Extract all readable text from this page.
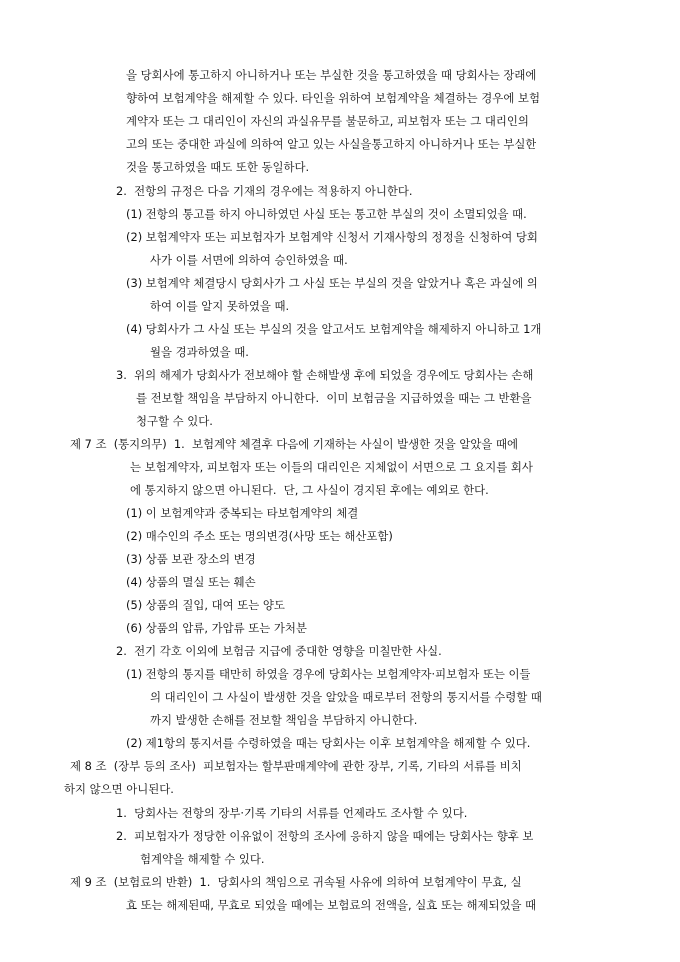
을 당회사에 통고하지 아니하거나 또는 부실한 것을 통고하였을 때 당회사는 장래에

향하여 보험계약을 해제할 수 있다. 타인을 위하여 보험계약을 체결하는 경우에 보험

계약자 또는 그 대리인이 자신의 과실유무를 불문하고, 피보험자 또는 그 대리인의

고의 또는 중대한 과실에 의하여 알고 있는 사실을통고하지 아니하거나 또는 부실한

것을 통고하였을 때도 또한 동일하다.

2.  전항의 규정은 다음 기재의 경우에는 적용하지 아니한다.

(1) 전항의 통고를 하지 아니하였던 사실 또는 통고한 부실의 것이 소멸되었을 때.

(2) 보험계약자 또는 피보험자가 보험계약 신청서 기재사항의 정정을 신청하여 당회

사가 이를 서면에 의하여 승인하였을 때.

(3) 보험계약 체결당시 당회사가 그 사실 또는 부실의 것을 알았거나 혹은 과실에 의

하여 이를 알지 못하였을 때.

(4) 당회사가 그 사실 또는 부실의 것을 알고서도 보험계약을 해제하지 아니하고 1개

월을 경과하였을 때.

3.  위의 해제가 당회사가 전보해야 할 손해발생 후에 되었을 경우에도 당회사는 손해

를 전보할 책임을 부담하지 아니한다.  이미 보험금을 지급하였을 때는 그 반환을

청구할 수 있다.

제 7 조  (통지의무)  1.  보험계약 체결후 다음에 기재하는 사실이 발생한 것을 알았을 때에

는 보험계약자, 피보험자 또는 이들의 대리인은 지체없이 서면으로 그 요지를 회사

에 통지하지 않으면 아니된다.  단, 그 사실이 경지된 후에는 예외로 한다.

(1) 이 보험계약과 중복되는 타보험계약의 체결

(2) 매수인의 주소 또는 명의변경(사망 또는 해산포함)

(3) 상품 보관 장소의 변경

(4) 상품의 멸실 또는 훼손

(5) 상품의 질입, 대여 또는 양도

(6) 상품의 압류, 가압류 또는 가처분

2.  전기 각호 이외에 보험금 지급에 중대한 영향을 미칠만한 사실.

(1) 전항의 통지를 태만히 하였을 경우에 당회사는 보험계약자·피보험자 또는 이들

의 대리인이 그 사실이 발생한 것을 알았을 때로부터 전항의 통지서를 수령할 때

까지 발생한 손해를 전보할 책임을 부담하지 아니한다.

(2) 제1항의 통지서를 수령하였을 때는 당회사는 이후 보험계약을 해제할 수 있다.

제 8 조  (장부 등의 조사)  피보험자는 할부판매계약에 관한 장부, 기록, 기타의 서류를 비치

하지 않으면 아니된다.

1.  당회사는 전항의 장부·기록 기타의 서류를 언제라도 조사할 수 있다.

2.  피보험자가 정당한 이유없이 전항의 조사에 응하지 않을 때에는 당회사는 향후 보

험계약을 해제할 수 있다.

제 9 조  (보험료의 반환)  1.  당회사의 책임으로 귀속될 사유에 의하여 보험계약이 무효, 실

효 또는 해제된때, 무효로 되었을 때에는 보험료의 전액을, 실효 또는 해제되었을 때
